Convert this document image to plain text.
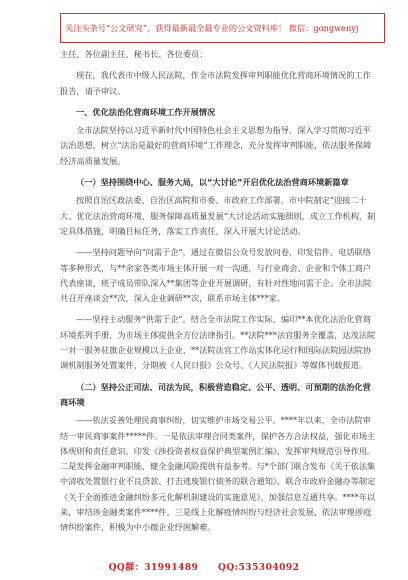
关注头条号“公文研究”，获得最新最全最专业的公文资料库！ 微信：gongwenyj

主任、各位副主任、秘书长、各位委员：

现在，我代表市中级人民法院，作全市法院发挥审判职能优化营商环境情况的工作报告，请予审议。

一、优化法治化营商环境工作开展情况

全市法院坚持以习近平新时代中国特色社会主义思想为指导，深入学习贯彻习近平法治思想，树立“法治是最好的营商环境”工作理念，充分发挥审判职能，依法服务保障经济高质量发展。

（一）坚持围绕中心、服务大局，以“大讨论”开启优化法治营商环境新篇章

按照自治区政法委、自治区高院和市委、市政府工作部署，市中院制定“迎接二十大、优化法治营商环境、服务保障高质量发展”大讨论活动实施细则，成立工作机构，制定具体措施，明确目标任务，落实工作责任，深入开展大讨论活动。

——坚持问题导向“问需于企”，通过在微信公众号发放问卷，印发信件、电话联络等多种形式，与**余家各类市场主体开展一对一沟通，与行业商会、企业和个体工商户代表座谈，班子成员带队深入**集团等企业开展调研，有针对性地问需于企。全市法院共召开座谈会**次，深入企业调研**次，联系市场主体***家。

——坚持主动服务“供需于企”，结合全市法院工作实际，编印**本优化法治化营商环境系列手册，为市场主体提供全方位法律指引。**法院***法官服务全覆盖，达茂法院一对一服务驻旗企业规模以上企业，**法院法官工作站实体化运行和国际法院园法院协调机制服务处置案件，分期被《人民日报》公众号、《人民法院报》等媒体刊载报道。

（二）坚持公正司法、司法为民，积极营造稳定、公平、透明、可预期的法治化营商环境

——依法妥善处理民商事纠纷，切实维护市场交易公平。****年以来，全市法院审结一审民商事案件*****件。一是依法审理合同类案件，保护各方合法权益，强化市场主体规则和责任意识。印发《涉投资者权益保护典型案例汇编》，发挥审判规范引导作用。二是发挥金融审判职能，健全金融风险提供有益参考。与*个部门联合发布《关于依法集中清收处置银行业不良贷款、打击逃废银行债务的联合通知》，联合市政府金融办等制定《关于全面推进金融纠纷多元化解机制建设的实施意见》，加强信息互通共享。****年以来，审结涉金融类案件****件。三是线上化解疫情纠纷与经济社会发展，依法审理涉疫情纠纷案件，积极为中小微企业纾困解难。

QQ群：31991489 QQ:535304092
